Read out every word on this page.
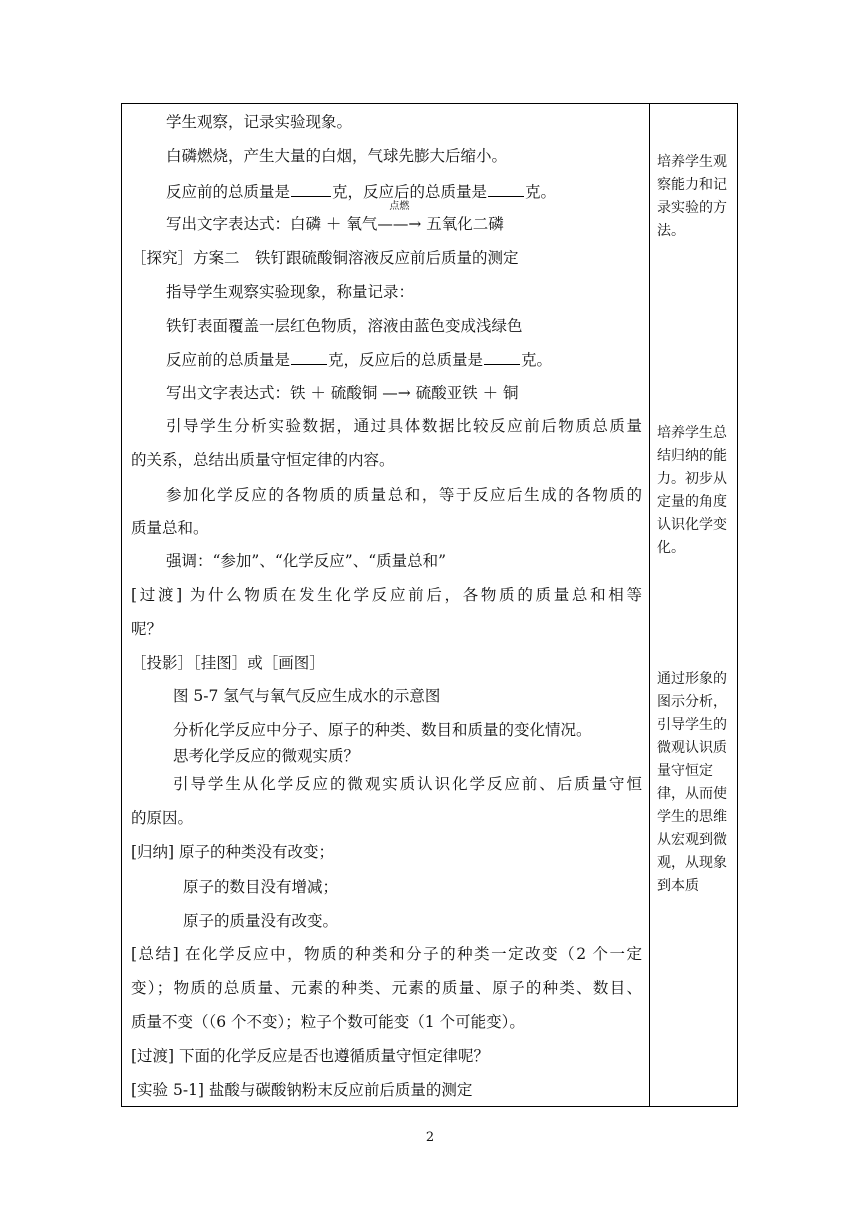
学生观察，记录实验现象。
白磷燃烧，产生大量的白烟，气球先膨大后缩小。
反应前的总质量是	克，反应后的总质量是 克。
写出文字表达式：白磷 ＋ 氧气
点燃
——→ 五氧化二磷
［探究］方案二　铁钉跟硫酸铜溶液反应前后质量的测定
指导学生观察实验现象，称量记录：
铁钉表面覆盖一层红色物质，溶液由蓝色变成浅绿色
反应前的总质量是 克，反应后的总质量是 克。
写出文字表达式：铁 ＋ 硫酸铜 —→ 硫酸亚铁 ＋ 铜
引导学生分析实验数据，通过具体数据比较反应前后物质总质量
的关系，总结出质量守恒定律的内容。
参加化学反应的各物质的质量总和，等于反应后生成的各物质的
质量总和。
强调：“参加”、“化学反应”、“质量总和”
[过渡] 为什么物质在发生化学反应前后，各物质的质量总和相等
呢？
［投影］［挂图］或［画图］
图 5-7 氢气与氧气反应生成水的示意图
分析化学反应中分子、原子的种类、数目和质量的变化情况。
思考化学反应的微观实质？
引导学生从化学反应的微观实质认识化学反应前、后质量守恒
的原因。
[归纳] 原子的种类没有改变；
原子的数目没有增减；
原子的质量没有改变。
[总结] 在化学反应中，物质的种类和分子的种类一定改变（2 个一定
变）；物质的总质量、元素的种类、元素的质量、原子的种类、数目、
质量不变（（6 个不变）；粒子个数可能变（1 个可能变）。
[过渡] 下面的化学反应是否也遵循质量守恒定律呢？
[实验 5-1] 盐酸与碳酸钠粉末反应前后质量的测定
培养学生观察能力和记录实验的方法。
培养学生总结归纳的能力。初步从定量的角度认识化学变化。
通过形象的图示分析，引导学生的微观认识质量守恒定律，从而使学生的思维从宏观到微观，从现象到本质
2
